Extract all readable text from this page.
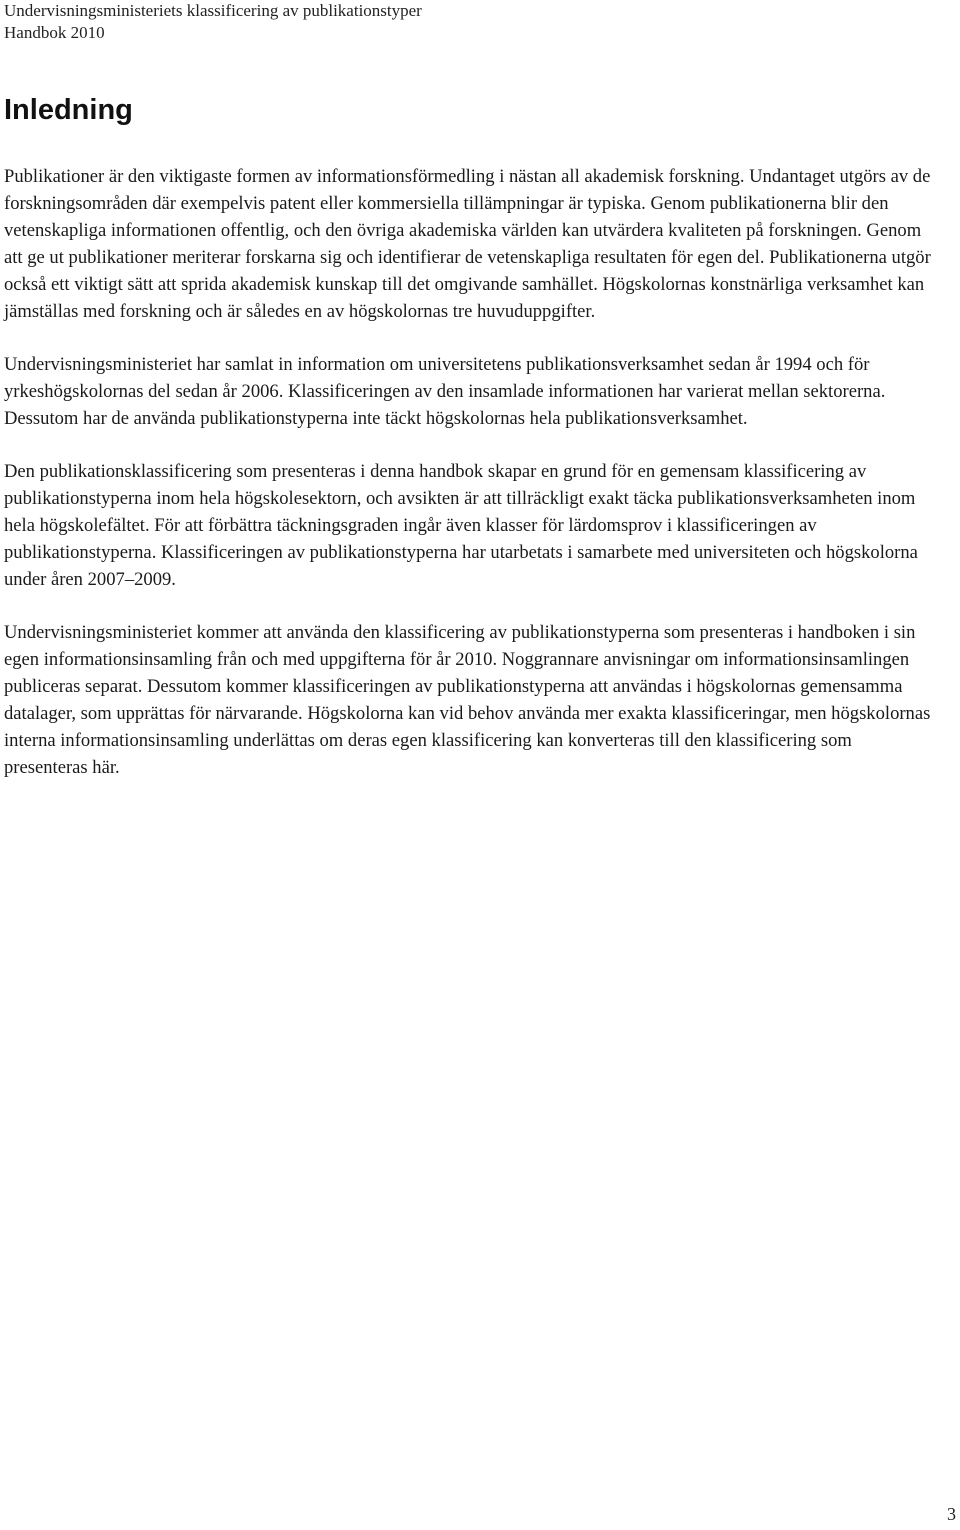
Undervisningsministeriets klassificering av publikationstyper
Handbok 2010
Inledning

Publikationer är den viktigaste formen av informationsförmedling i nästan all akademisk forskning. Undantaget utgörs av de forskningsområden där exempelvis patent eller kommersiella tillämpningar är typiska. Genom publikationerna blir den vetenskapliga informationen offentlig, och den övriga akademiska världen kan utvärdera kvaliteten på forskningen. Genom att ge ut publikationer meriterar forskarna sig och identifierar de vetenskapliga resultaten för egen del. Publikationerna utgör också ett viktigt sätt att sprida akademisk kunskap till det omgivande samhället. Högskolornas konstnärliga verksamhet kan jämställas med forskning och är således en av högskolornas tre huvuduppgifter.

Undervisningsministeriet har samlat in information om universitetens publikationsverksamhet sedan år 1994 och för yrkeshögskolornas del sedan år 2006. Klassificeringen av den insamlade informationen har varierat mellan sektorerna. Dessutom har de använda publikationstyperna inte täckt högskolornas hela publikationsverksamhet.

Den publikationsklassificering som presenteras i denna handbok skapar en grund för en gemensam klassificering av publikationstyperna inom hela högskolesektorn, och avsikten är att tillräckligt exakt täcka publikationsverksamheten inom hela högskolefältet. För att förbättra täckningsgraden ingår även klasser för lärdomsprov i klassificeringen av publikationstyperna. Klassificeringen av publikationstyperna har utarbetats i samarbete med universiteten och högskolorna under åren 2007–2009.

Undervisningsministeriet kommer att använda den klassificering av publikationstyperna som presenteras i handboken i sin egen informationsinsamling från och med uppgifterna för år 2010. Noggrannare anvisningar om informationsinsamlingen publiceras separat. Dessutom kommer klassificeringen av publikationstyperna att användas i högskolornas gemensamma datalager, som upprättas för närvarande. Högskolorna kan vid behov använda mer exakta klassificeringar, men högskolornas interna informationsinsamling underlättas om deras egen klassificering kan konverteras till den klassificering som presenteras här.

3
